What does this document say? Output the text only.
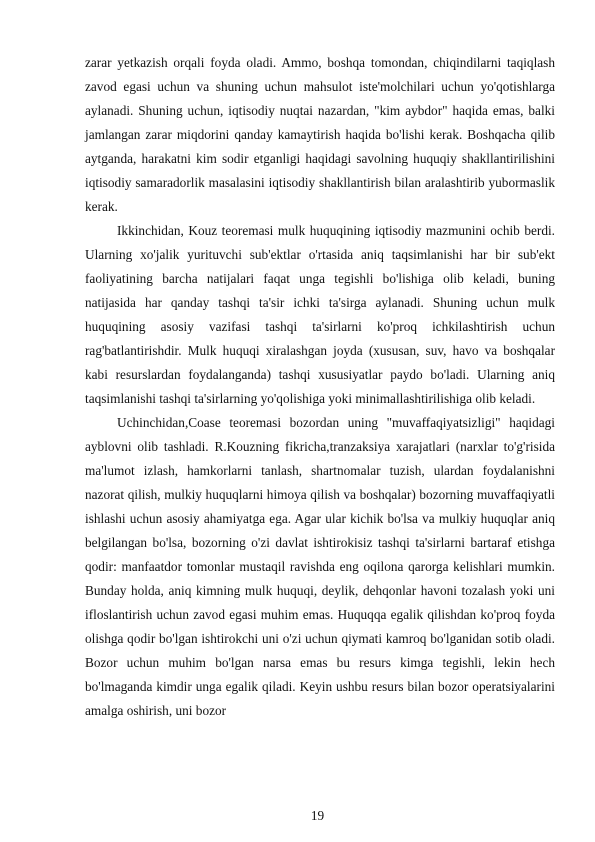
zarar yetkazish orqali foyda oladi. Ammo, boshqa tomondan, chiqindilarni taqiqlash zavod egasi uchun va shuning uchun mahsulot iste'molchilari uchun yo'qotishlarga aylanadi. Shuning uchun, iqtisodiy nuqtai nazardan, "kim aybdor" haqida emas, balki jamlangan zarar miqdorini qanday kamaytirish haqida bo'lishi kerak. Boshqacha qilib aytganda, harakatni kim sodir etganligi haqidagi savolning huquqiy shakllantirilishini iqtisodiy samaradorlik masalasini iqtisodiy shakllantirish bilan aralashtirib yubormaslik kerak.

Ikkinchidan, Kouz teoremasi mulk huquqining iqtisodiy mazmunini ochib berdi. Ularning xo'jalik yurituvchi sub'ektlar o'rtasida aniq taqsimlanishi har bir sub'ekt faoliyatining barcha natijalari faqat unga tegishli bo'lishiga olib keladi, buning natijasida har qanday tashqi ta'sir ichki ta'sirga aylanadi. Shuning uchun mulk huquqining asosiy vazifasi tashqi ta'sirlarni ko'proq ichkilashtirish uchun rag'batlantirishdir. Mulk huquqi xiralashgan joyda (xususan, suv, havo va boshqalar kabi resurslardan foydalanganda) tashqi xususiyatlar paydo bo'ladi. Ularning aniq taqsimlanishi tashqi ta'sirlarning yo'qolishiga yoki minimallashtirilishiga olib keladi.

Uchinchidan,Coase teoremasi bozordan uning "muvaffaqiyatsizligi" haqidagi ayblovni olib tashladi. R.Kouzning fikricha,tranzaksiya xarajatlari (narxlar to'g'risida ma'lumot izlash, hamkorlarni tanlash, shartnomalar tuzish, ulardan foydalanishni nazorat qilish, mulkiy huquqlarni himoya qilish va boshqalar) bozorning muvaffaqiyatli ishlashi uchun asosiy ahamiyatga ega. Agar ular kichik bo'lsa va mulkiy huquqlar aniq belgilangan bo'lsa, bozorning o'zi davlat ishtirokisiz tashqi ta'sirlarni bartaraf etishga qodir: manfaatdor tomonlar mustaqil ravishda eng oqilona qarorga kelishlari mumkin. Bunday holda, aniq kimning mulk huquqi, deylik, dehqonlar havoni tozalash yoki uni ifloslantirish uchun zavod egasi muhim emas. Huquqqa egalik qilishdan ko'proq foyda olishga qodir bo'lgan ishtirokchi uni o'zi uchun qiymati kamroq bo'lganidan sotib oladi. Bozor uchun muhim bo'lgan narsa emas bu resurs kimga tegishli, lekin hech bo'lmaganda kimdir unga egalik qiladi. Keyin ushbu resurs bilan bozor operatsiyalarini amalga oshirish, uni bozor

19
